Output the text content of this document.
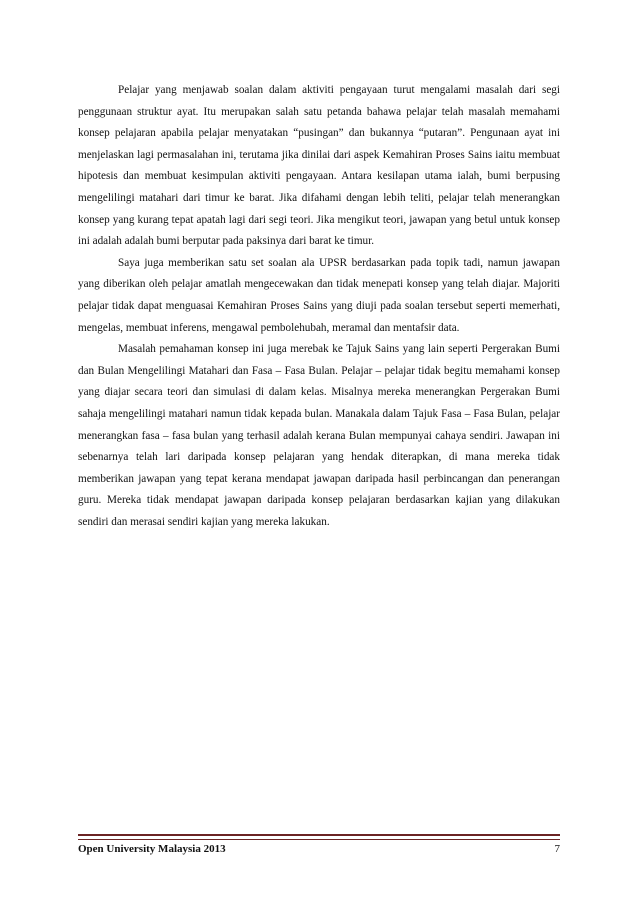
Pelajar yang menjawab soalan dalam aktiviti pengayaan turut mengalami masalah dari segi penggunaan struktur ayat. Itu merupakan salah satu petanda bahawa pelajar telah masalah memahami konsep pelajaran apabila pelajar menyatakan “pusingan” dan bukannya “putaran”. Pengunaan ayat ini menjelaskan lagi permasalahan ini, terutama jika dinilai dari aspek Kemahiran Proses Sains iaitu membuat hipotesis dan membuat kesimpulan aktiviti pengayaan. Antara kesilapan utama ialah, bumi berpusing mengelilingi matahari dari timur ke barat. Jika difahami dengan lebih teliti, pelajar telah menerangkan konsep yang kurang tepat apatah lagi dari segi teori. Jika mengikut teori, jawapan yang betul untuk konsep ini adalah adalah bumi berputar pada paksinya dari barat ke timur.

Saya juga memberikan satu set soalan ala UPSR berdasarkan pada topik tadi, namun jawapan yang diberikan oleh pelajar amatlah mengecewakan dan tidak menepati konsep yang telah diajar. Majoriti pelajar tidak dapat menguasai Kemahiran Proses Sains yang diuji pada soalan tersebut seperti memerhati, mengelas, membuat inferens, mengawal pembolehubah, meramal dan mentafsir data.

Masalah pemahaman konsep ini juga merebak ke Tajuk Sains yang lain seperti Pergerakan Bumi dan Bulan Mengelilingi Matahari dan Fasa – Fasa Bulan. Pelajar – pelajar tidak begitu memahami konsep yang diajar secara teori dan simulasi di dalam kelas. Misalnya mereka menerangkan Pergerakan Bumi sahaja mengelilingi matahari namun tidak kepada bulan. Manakala dalam Tajuk Fasa – Fasa Bulan, pelajar menerangkan fasa – fasa bulan yang terhasil adalah kerana Bulan mempunyai cahaya sendiri. Jawapan ini sebenarnya telah lari daripada konsep pelajaran yang hendak diterapkan, di mana mereka tidak memberikan jawapan yang tepat kerana mendapat jawapan daripada hasil perbincangan dan penerangan guru. Mereka tidak mendapat jawapan daripada konsep pelajaran berdasarkan kajian yang dilakukan sendiri dan merasai sendiri kajian yang mereka lakukan.

Open University Malaysia 2013	7
